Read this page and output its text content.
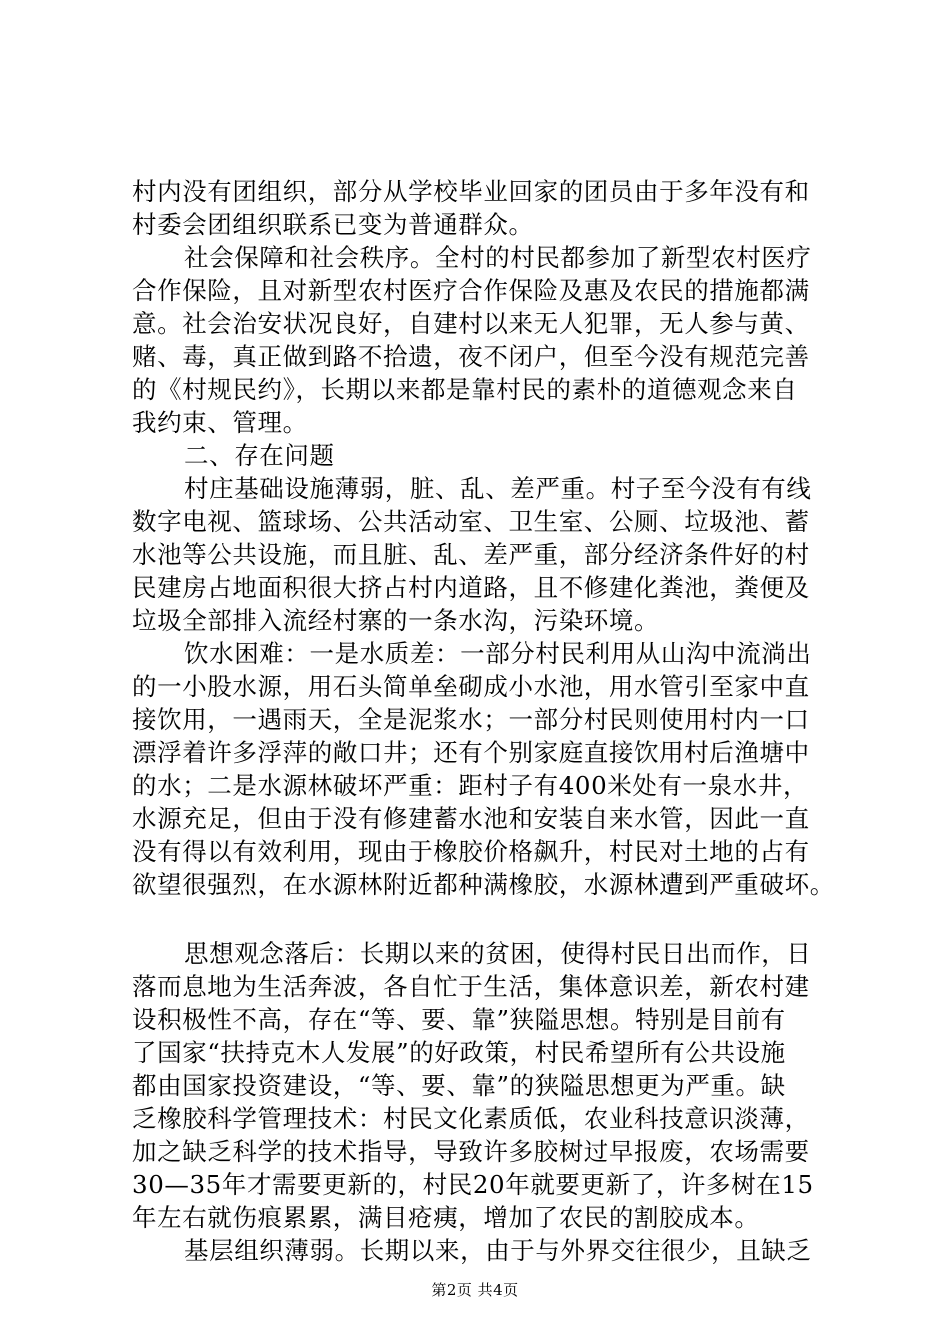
村内没有团组织，部分从学校毕业回家的团员由于多年没有和
村委会团组织联系已变为普通群众。
社会保障和社会秩序。全村的村民都参加了新型农村医疗
合作保险，且对新型农村医疗合作保险及惠及农民的措施都满
意。社会治安状况良好，自建村以来无人犯罪，无人参与黄、
赌、毒，真正做到路不拾遗，夜不闭户，但至今没有规范完善
的《村规民约》，长期以来都是靠村民的素朴的道德观念来自
我约束、管理。
二、存在问题
村庄基础设施薄弱，脏、乱、差严重。村子至今没有有线
数字电视、篮球场、公共活动室、卫生室、公厕、垃圾池、蓄
水池等公共设施，而且脏、乱、差严重，部分经济条件好的村
民建房占地面积很大挤占村内道路，且不修建化粪池，粪便及
垃圾全部排入流经村寨的一条水沟，污染环境。
饮水困难：一是水质差：一部分村民利用从山沟中流淌出
的一小股水源，用石头简单垒砌成小水池，用水管引至家中直
接饮用，一遇雨天，全是泥浆水；一部分村民则使用村内一口
漂浮着许多浮萍的敞口井；还有个别家庭直接饮用村后渔塘中
的水；二是水源林破坏严重：距村子有400米处有一泉水井，
水源充足，但由于没有修建蓄水池和安装自来水管，因此一直
没有得以有效利用，现由于橡胶价格飙升，村民对土地的占有
欲望很强烈，在水源林附近都种满橡胶，水源林遭到严重破坏。
思想观念落后：长期以来的贫困，使得村民日出而作，日
落而息地为生活奔波，各自忙于生活，集体意识差，新农村建
设积极性不高，存在“等、要、靠”狭隘思想。特别是目前有
了国家“扶持克木人发展”的好政策，村民希望所有公共设施
都由国家投资建设，“等、要、靠”的狭隘思想更为严重。缺
乏橡胶科学管理技术：村民文化素质低，农业科技意识淡薄，
加之缺乏科学的技术指导，导致许多胶树过早报废，农场需要
30—35年才需要更新的，村民20年就要更新了，许多树在15
年左右就伤痕累累，满目疮痍，增加了农民的割胶成本。
基层组织薄弱。长期以来，由于与外界交往很少，且缺乏
第2页 共4页
